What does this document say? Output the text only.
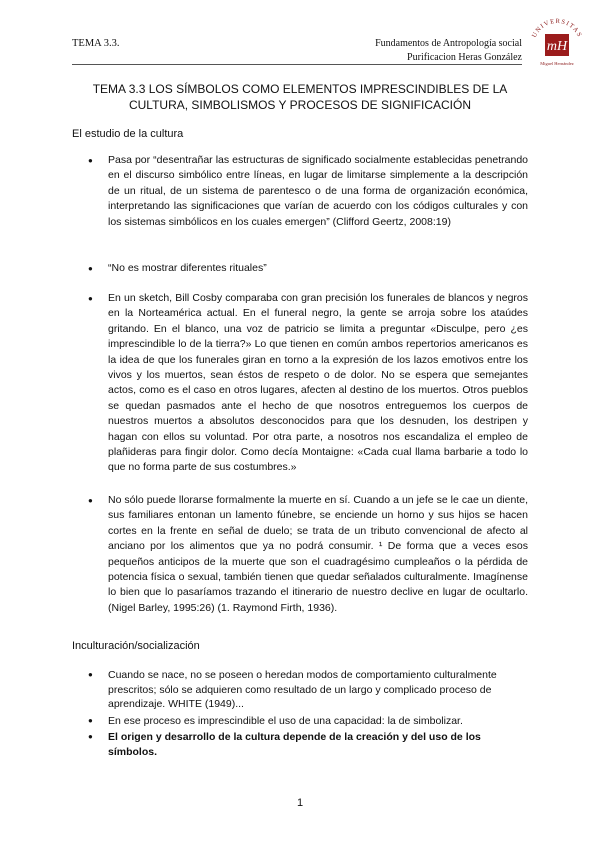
TEMA 3.3.	Fundamentos de Antropología social
Purificacion Heras González
UNIVERSITAS
mH
Miguel Hernández
TEMA 3.3 LOS SÍMBOLOS COMO ELEMENTOS IMPRESCINDIBLES DE LA CULTURA, SIMBOLISMOS Y PROCESOS DE SIGNIFICACIÓN
El estudio de la cultura
● Pasa por “desentrañar las estructuras de significado socialmente establecidas penetrando en el discurso simbólico entre líneas, en lugar de limitarse simplemente a la descripción de un ritual, de un sistema de parentesco o de una forma de organización económica, interpretando las significaciones que varían de acuerdo con los códigos culturales y con los sistemas simbólicos en los cuales emergen” (Clifford Geertz, 2008:19)
● “No es mostrar diferentes rituales”
● En un sketch, Bill Cosby comparaba con gran precisión los funerales de blancos y negros en la Norteamérica actual. En el funeral negro, la gente se arroja sobre los ataúdes gritando. En el blanco, una voz de patricio se limita a preguntar «Disculpe, pero ¿es imprescindible lo de la tierra?» Lo que tienen en común ambos repertorios americanos es la idea de que los funerales giran en torno a la expresión de los lazos emotivos entre los vivos y los muertos, sean éstos de respeto o de dolor. No se espera que semejantes actos, como es el caso en otros lugares, afecten al destino de los muertos. Otros pueblos se quedan pasmados ante el hecho de que nosotros entreguemos los cuerpos de nuestros muertos a absolutos desconocidos para que los desnuden, los destripen y hagan con ellos su voluntad. Por otra parte, a nosotros nos escandaliza el empleo de plañideras para fingir dolor. Como decía Montaigne: «Cada cual llama barbarie a todo lo que no forma parte de sus costumbres.»
● No sólo puede llorarse formalmente la muerte en sí. Cuando a un jefe se le cae un diente, sus familiares entonan un lamento fúnebre, se enciende un horno y sus hijos se hacen cortes en la frente en señal de duelo; se trata de un tributo convencional de afecto al anciano por los alimentos que ya no podrá consumir. ¹ De forma que a veces esos pequeños anticipos de la muerte que son el cuadragésimo cumpleaños o la pérdida de potencia física o sexual, también tienen que quedar señalados culturalmente. Imagínense lo bien que lo pasaríamos trazando el itinerario de nuestro declive en lugar de ocultarlo. (Nigel Barley, 1995:26) (1. Raymond Firth, 1936).
Inculturación/socialización
● Cuando se nace, no se poseen o heredan modos de comportamiento culturalmente prescritos; sólo se adquieren como resultado de un largo y complicado proceso de aprendizaje. WHITE (1949)...
● En ese proceso es imprescindible el uso de una capacidad: la de simbolizar.
● El origen y desarrollo de la cultura depende de la creación y del uso de los símbolos.
1
